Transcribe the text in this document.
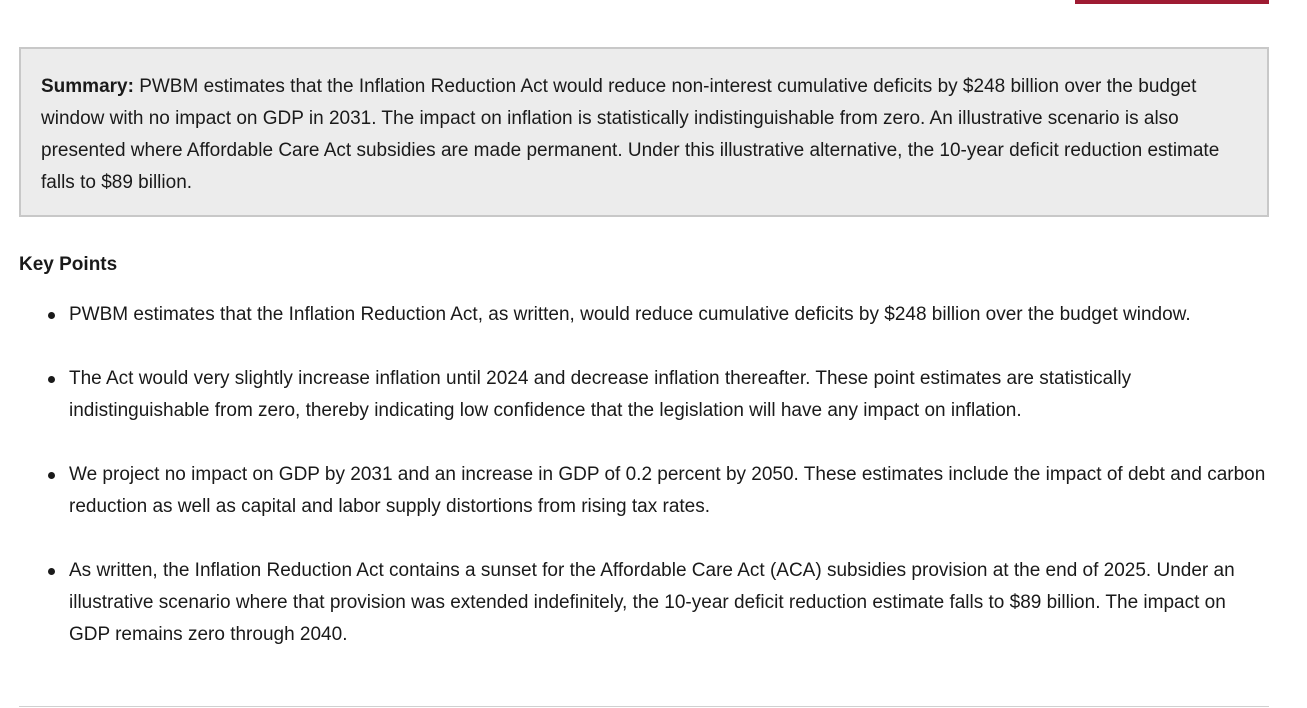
Summary: PWBM estimates that the Inflation Reduction Act would reduce non-interest cumulative deficits by $248 billion over the budget window with no impact on GDP in 2031. The impact on inflation is statistically indistinguishable from zero. An illustrative scenario is also presented where Affordable Care Act subsidies are made permanent. Under this illustrative alternative, the 10-year deficit reduction estimate falls to $89 billion.
Key Points
PWBM estimates that the Inflation Reduction Act, as written, would reduce cumulative deficits by $248 billion over the budget window.
The Act would very slightly increase inflation until 2024 and decrease inflation thereafter. These point estimates are statistically indistinguishable from zero, thereby indicating low confidence that the legislation will have any impact on inflation.
We project no impact on GDP by 2031 and an increase in GDP of 0.2 percent by 2050. These estimates include the impact of debt and carbon reduction as well as capital and labor supply distortions from rising tax rates.
As written, the Inflation Reduction Act contains a sunset for the Affordable Care Act (ACA) subsidies provision at the end of 2025. Under an illustrative scenario where that provision was extended indefinitely, the 10-year deficit reduction estimate falls to $89 billion. The impact on GDP remains zero through 2040.
